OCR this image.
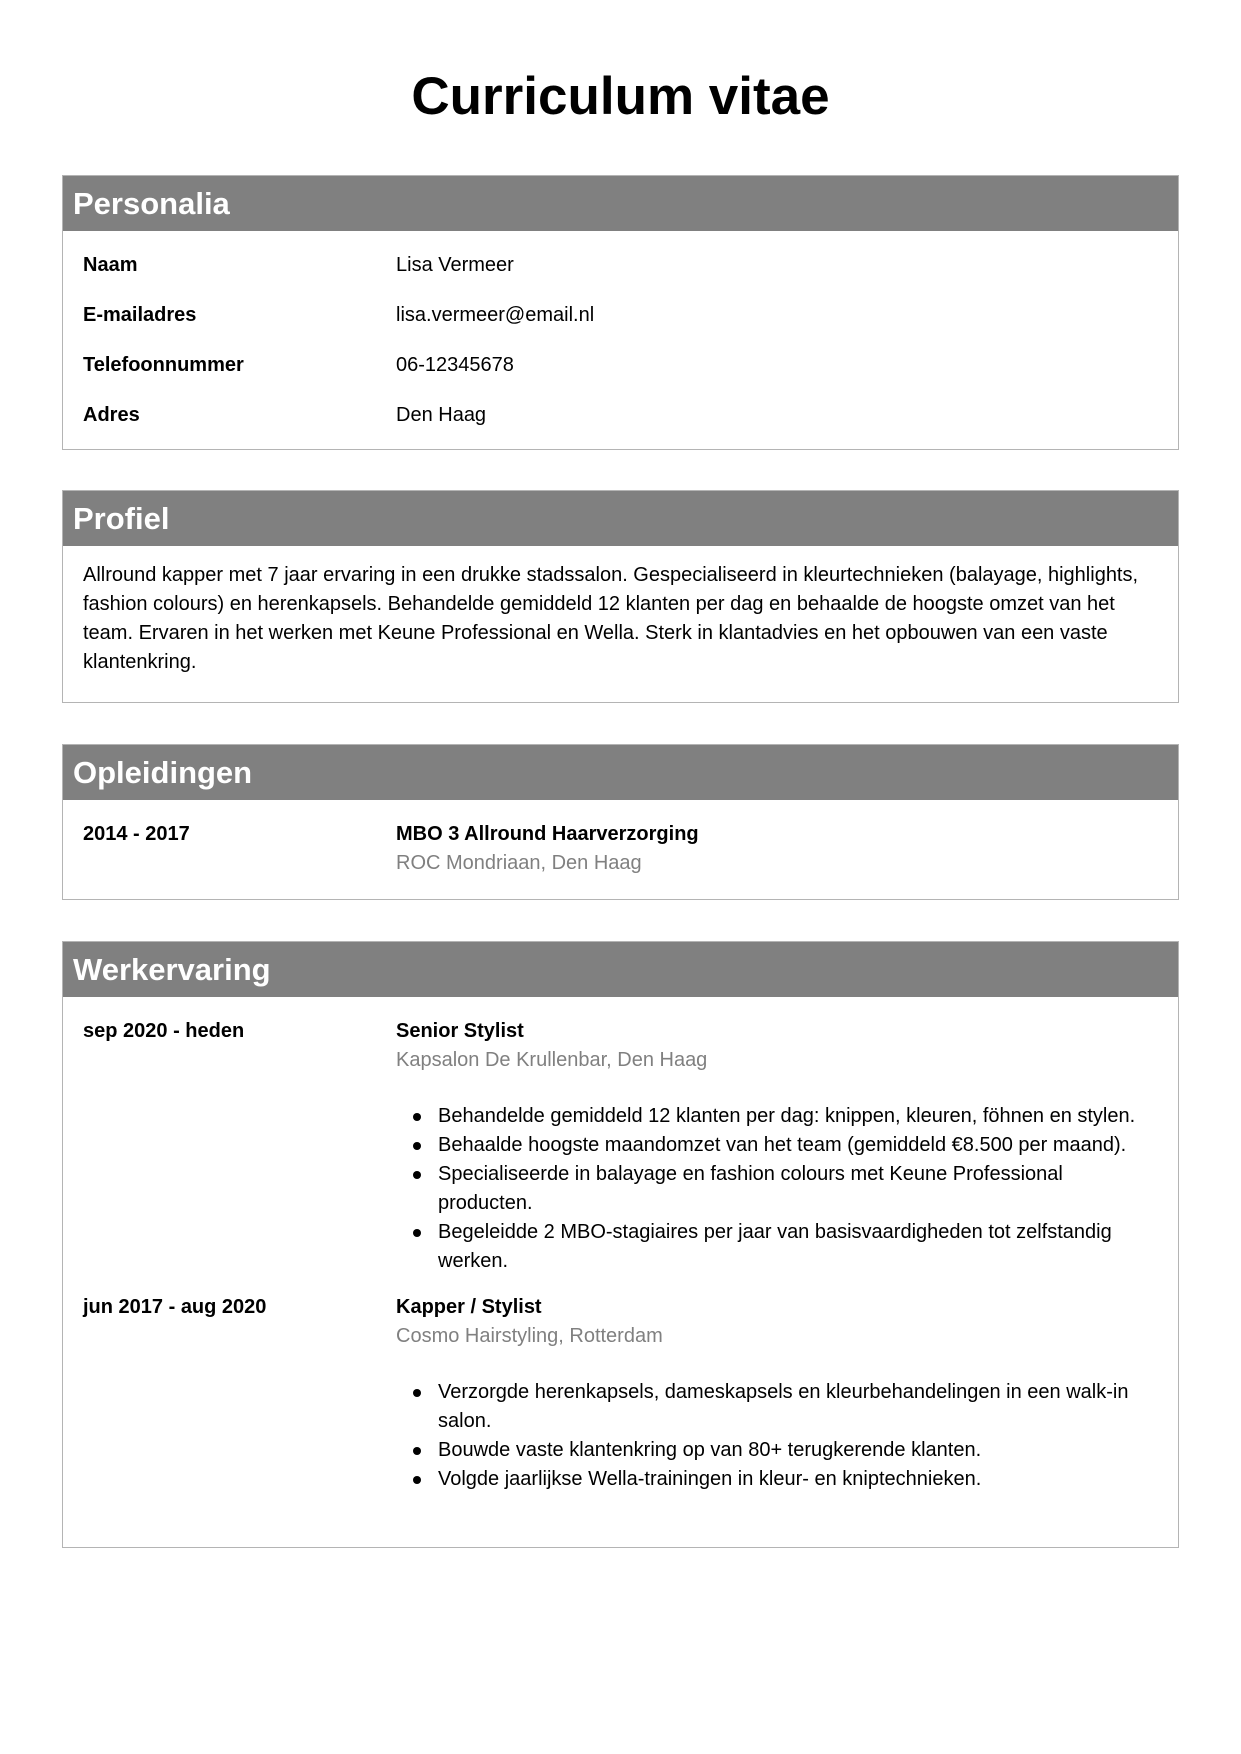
Curriculum vitae
Personalia
Naam	Lisa Vermeer
E-mailadres	lisa.vermeer@email.nl
Telefoonnummer	06-12345678
Adres	Den Haag
Profiel

Allround kapper met 7 jaar ervaring in een drukke stadssalon. Gespecialiseerd in kleurtechnieken (balayage, highlights, fashion colours) en herenkapsels. Behandelde gemiddeld 12 klanten per dag en behaalde de hoogste omzet van het team. Ervaren in het werken met Keune Professional en Wella. Sterk in klantadvies en het opbouwen van een vaste klantenkring.

Opleidingen
2014 - 2017	MBO 3 Allround Haarverzorging
ROC Mondriaan, Den Haag
Werkervaring
sep 2020 - heden	Senior Stylist
Kapsalon De Krullenbar, Den Haag
Behandelde gemiddeld 12 klanten per dag: knippen, kleuren, föhnen en stylen.
Behaalde hoogste maandomzet van het team (gemiddeld €8.500 per maand).
Specialiseerde in balayage en fashion colours met Keune Professional producten.
Begeleidde 2 MBO-stagiaires per jaar van basisvaardigheden tot zelfstandig werken.
jun 2017 - aug 2020	Kapper / Stylist
Cosmo Hairstyling, Rotterdam
Verzorgde herenkapsels, dameskapsels en kleurbehandelingen in een walk-in salon.
Bouwde vaste klantenkring op van 80+ terugkerende klanten.
Volgde jaarlijkse Wella-trainingen in kleur- en kniptechnieken.
